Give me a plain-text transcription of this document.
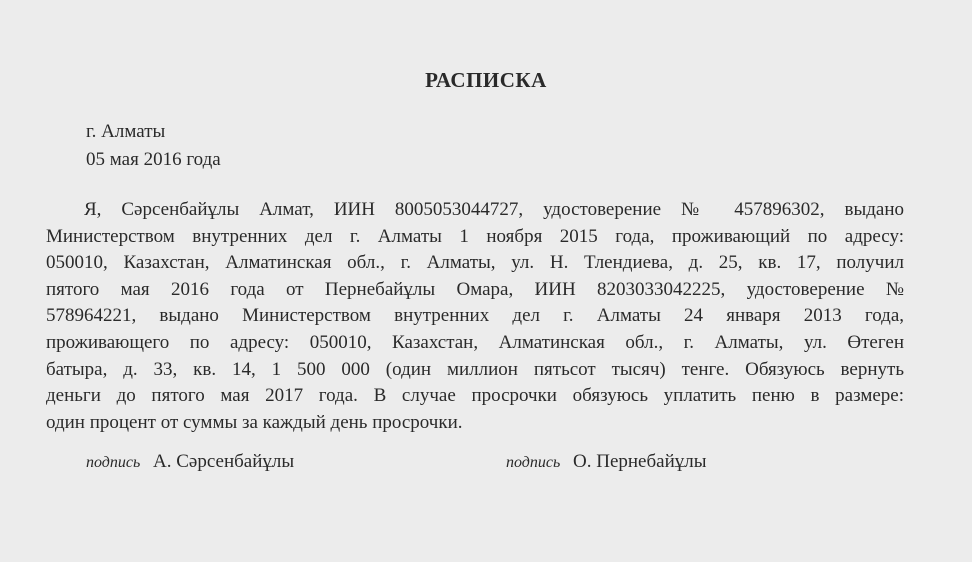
РАСПИСКА
г. Алматы
05 мая 2016 года
Я, Сәрсенбайұлы Алмат, ИИН 8005053044727, удостоверение № 457896302, выдано
Министерством внутренних дел г. Алматы 1 ноября 2015 года, проживающий по адресу:
050010, Казахстан, Алматинская обл., г. Алматы, ул. Н. Тлендиева, д. 25, кв. 17, получил
пятого мая 2016 года от Пернебайұлы Омара, ИИН 8203033042225, удостоверение №
578964221, выдано Министерством внутренних дел г. Алматы 24 января 2013 года,
проживающего по адресу: 050010, Казахстан, Алматинская обл., г. Алматы, ул. Өтеген
батыра, д. 33, кв. 14, 1 500 000 (один миллион пятьсот тысяч) тенге. Обязуюсь вернуть
деньги до пятого мая 2017 года. В случае просрочки обязуюсь уплатить пеню в размере:
один процент от суммы за каждый день просрочки.
подпись А. Сәрсенбайұлы	подпись О. Пернебайұлы
